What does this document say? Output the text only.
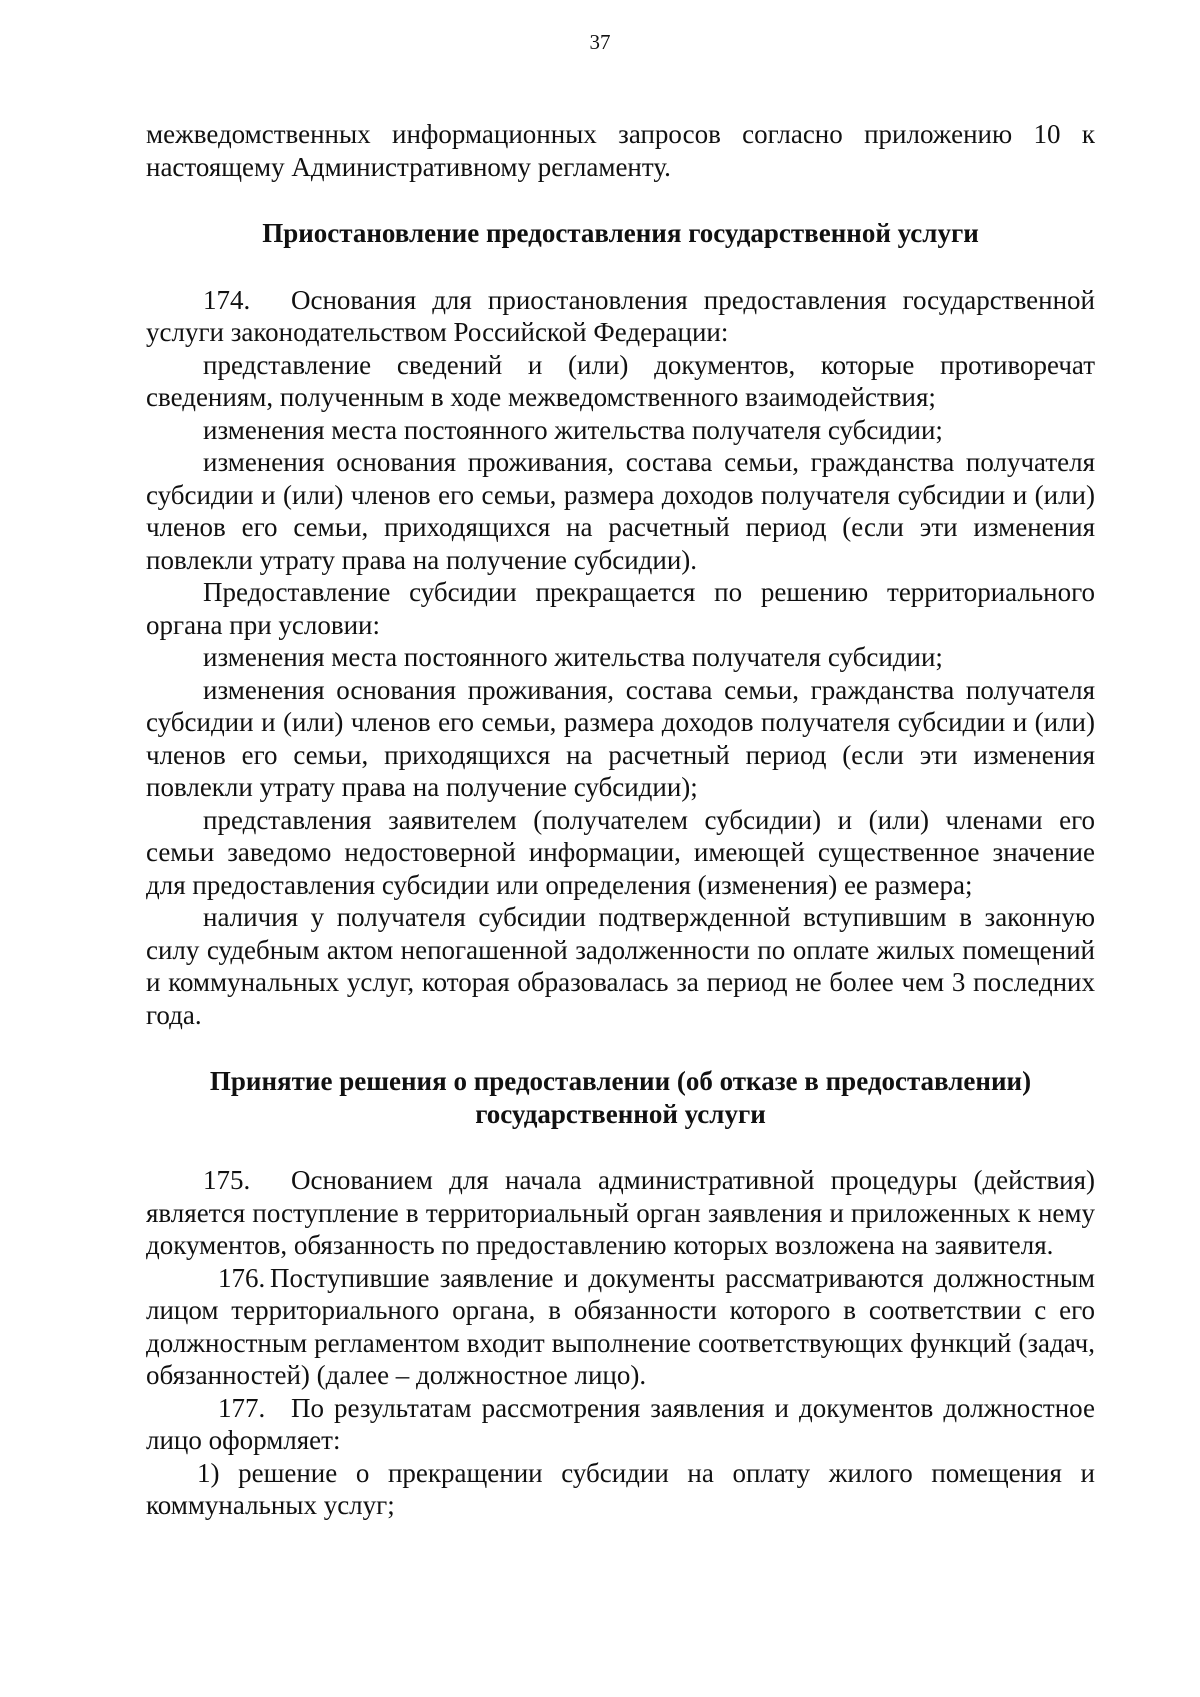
37

межведомственных информационных запросов согласно приложению 10 к настоящему Административному регламенту.

Приостановление предоставления государственной услуги

174. Основания для приостановления предоставления государственной услуги законодательством Российской Федерации:

представление сведений и (или) документов, которые противоречат сведениям, полученным в ходе межведомственного взаимодействия;

изменения места постоянного жительства получателя субсидии;

изменения основания проживания, состава семьи, гражданства получателя субсидии и (или) членов его семьи, размера доходов получателя субсидии и (или) членов его семьи, приходящихся на расчетный период (если эти изменения повлекли утрату права на получение субсидии).

Предоставление субсидии прекращается по решению территориального органа при условии:

изменения места постоянного жительства получателя субсидии;

изменения основания проживания, состава семьи, гражданства получателя субсидии и (или) членов его семьи, размера доходов получателя субсидии и (или) членов его семьи, приходящихся на расчетный период (если эти изменения повлекли утрату права на получение субсидии);

представления заявителем (получателем субсидии) и (или) членами его семьи заведомо недостоверной информации, имеющей существенное значение для предоставления субсидии или определения (изменения) ее размера;

наличия у получателя субсидии подтвержденной вступившим в законную силу судебным актом непогашенной задолженности по оплате жилых помещений и коммунальных услуг, которая образовалась за период не более чем 3 последних года.

Принятие решения о предоставлении (об отказе в предоставлении)

государственной услуги

175. Основанием для начала административной процедуры (действия) является поступление в территориальный орган заявления и приложенных к нему документов, обязанность по предоставлению которых возложена на заявителя.

176. Поступившие заявление и документы рассматриваются должностным лицом территориального органа, в обязанности которого в соответствии с его должностным регламентом входит выполнение соответствующих функций (задач, обязанностей) (далее – должностное лицо).

177. По результатам рассмотрения заявления и документов должностное лицо оформляет:

1) решение о прекращении субсидии на оплату жилого помещения и коммунальных услуг;
